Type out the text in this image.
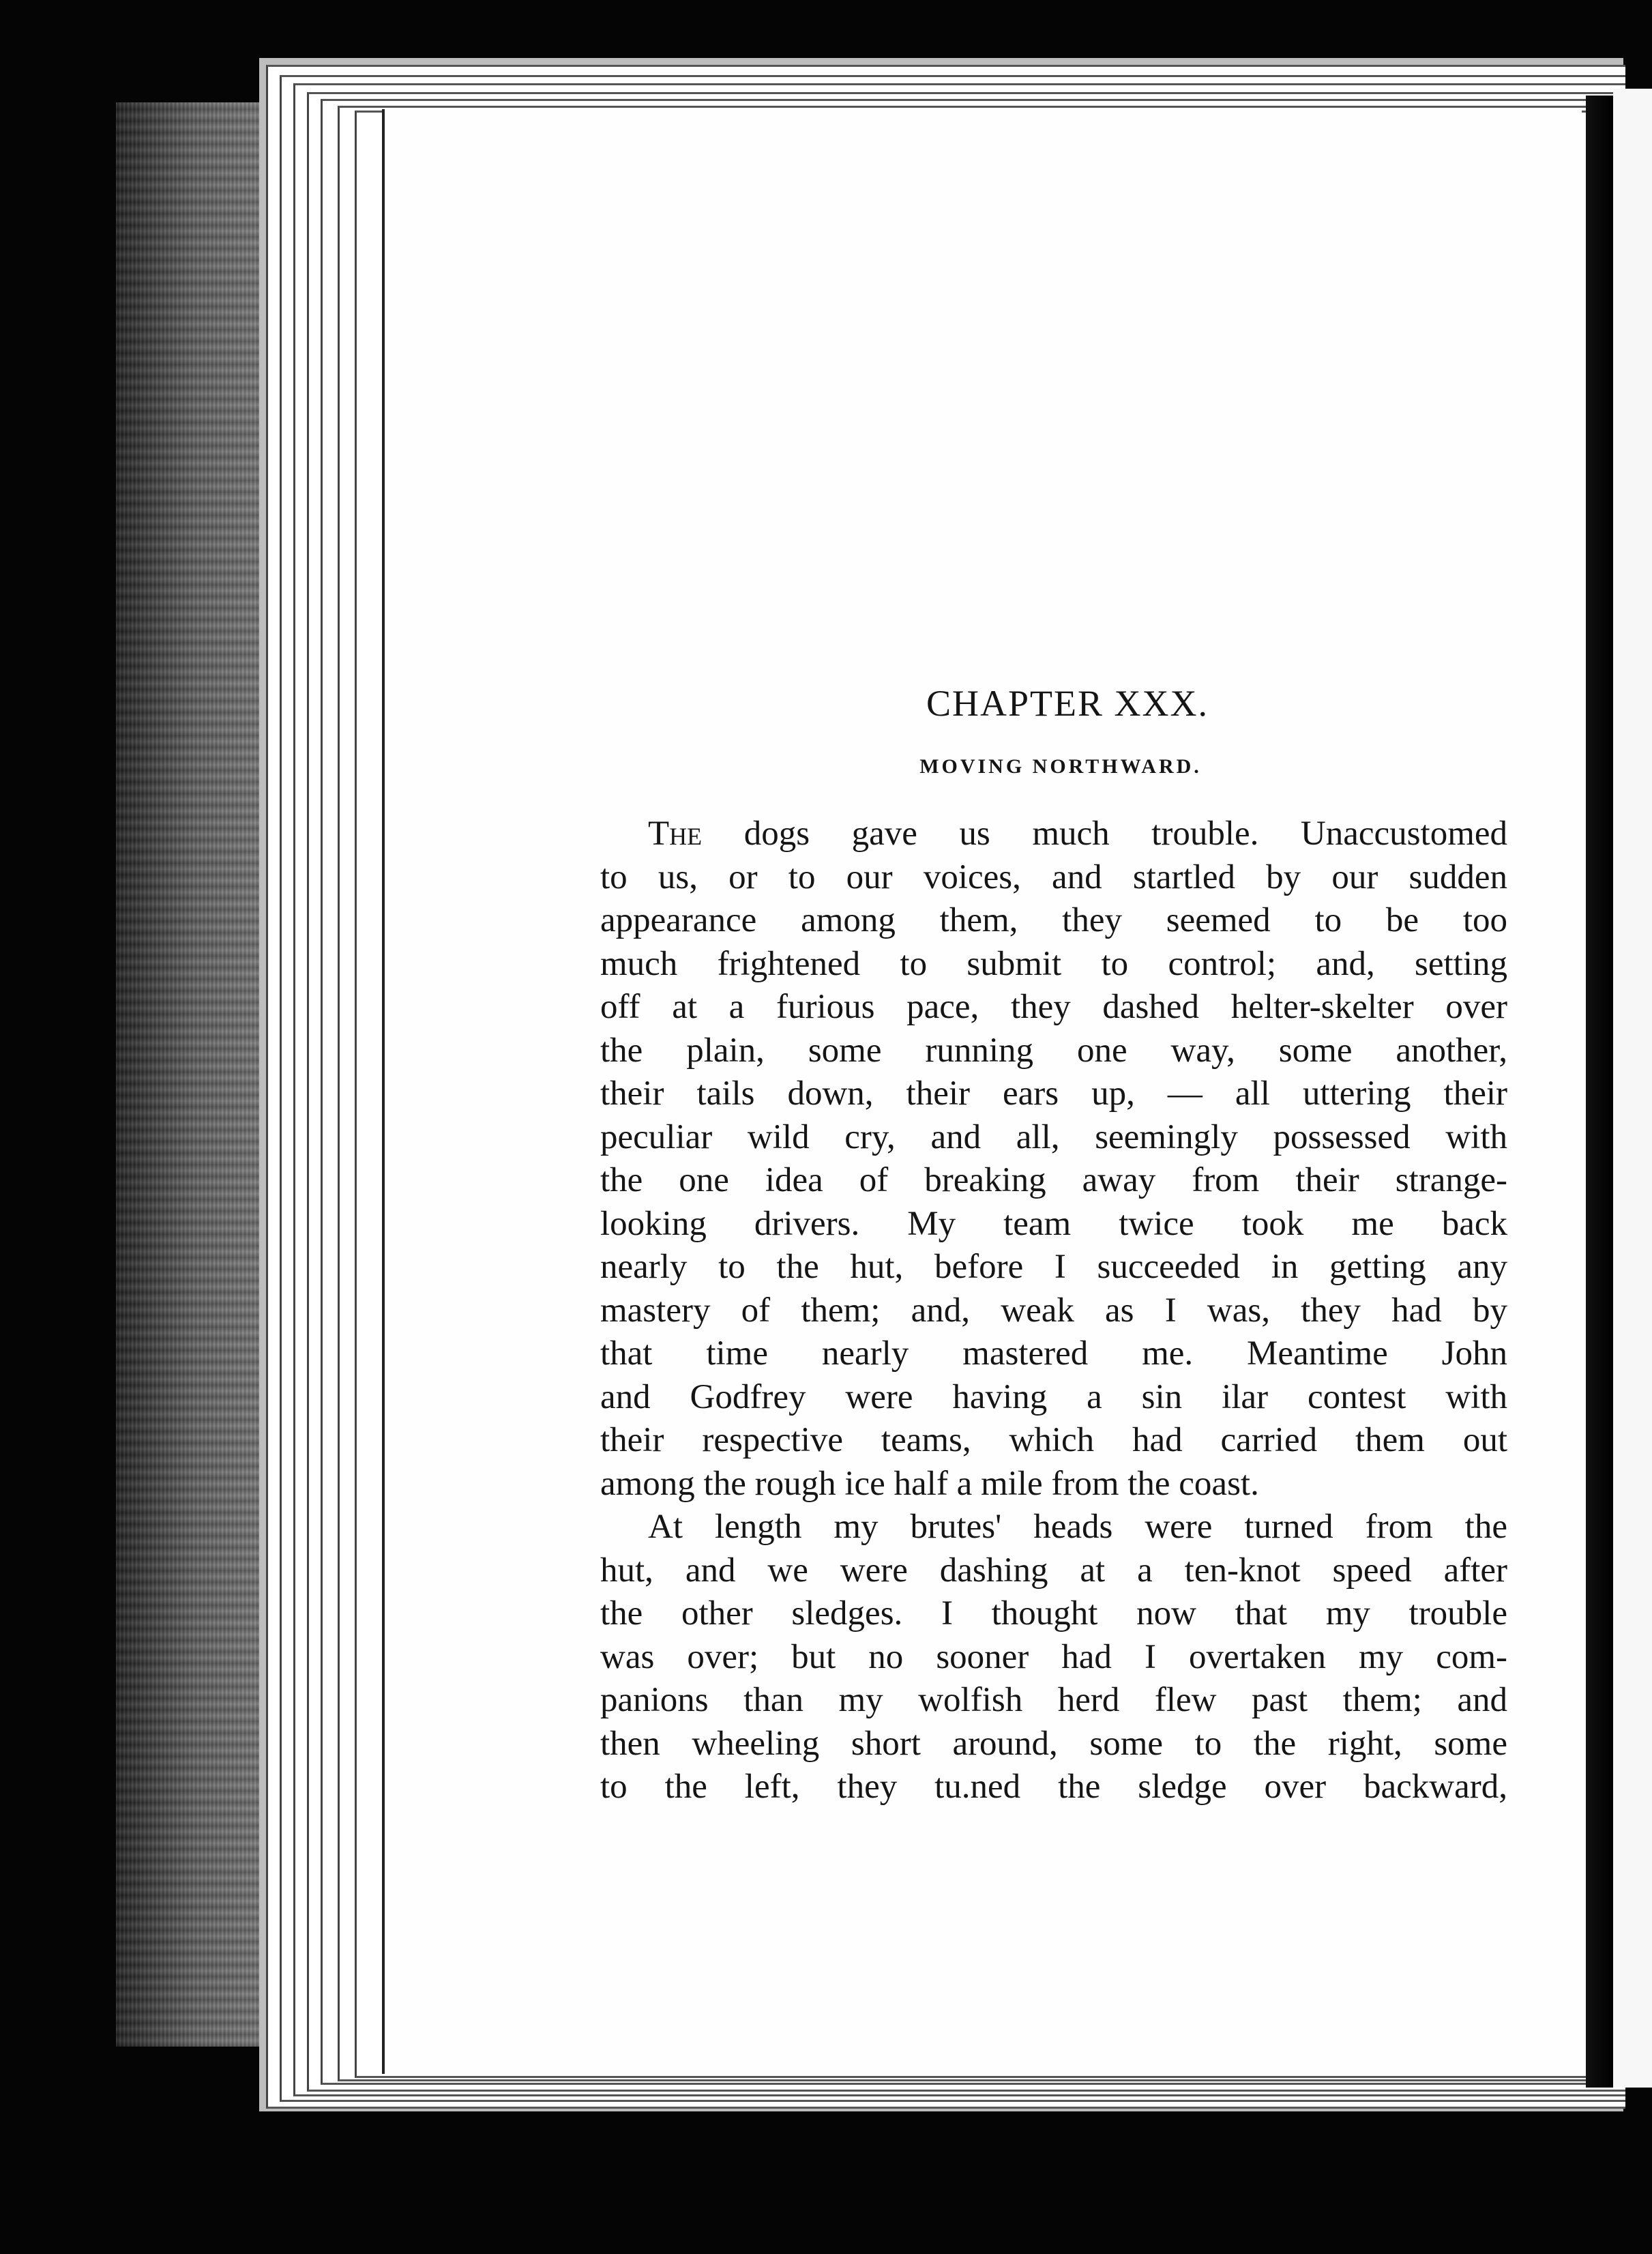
CHAPTER XXX.
MOVING NORTHWARD.
The dogs gave us much trouble. Unaccustomed
to us, or to our voices, and startled by our sudden
appearance among them, they seemed to be too
much frightened to submit to control; and, setting
off at a furious pace, they dashed helter-skelter over
the plain, some running one way, some another,
their tails down, their ears up, — all uttering their
peculiar wild cry, and all, seemingly possessed with
the one idea of breaking away from their strange-
looking drivers. My team twice took me back
nearly to the hut, before I succeeded in getting any
mastery of them; and, weak as I was, they had by
that time nearly mastered me. Meantime John
and Godfrey were having a sin ilar contest with
their respective teams, which had carried them out
among the rough ice half a mile from the coast.
At length my brutes' heads were turned from the
hut, and we were dashing at a ten-knot speed after
the other sledges. I thought now that my trouble
was over; but no sooner had I overtaken my com-
panions than my wolfish herd flew past them; and
then wheeling short around, some to the right, some
to the left, they tu.ned the sledge over backward,
